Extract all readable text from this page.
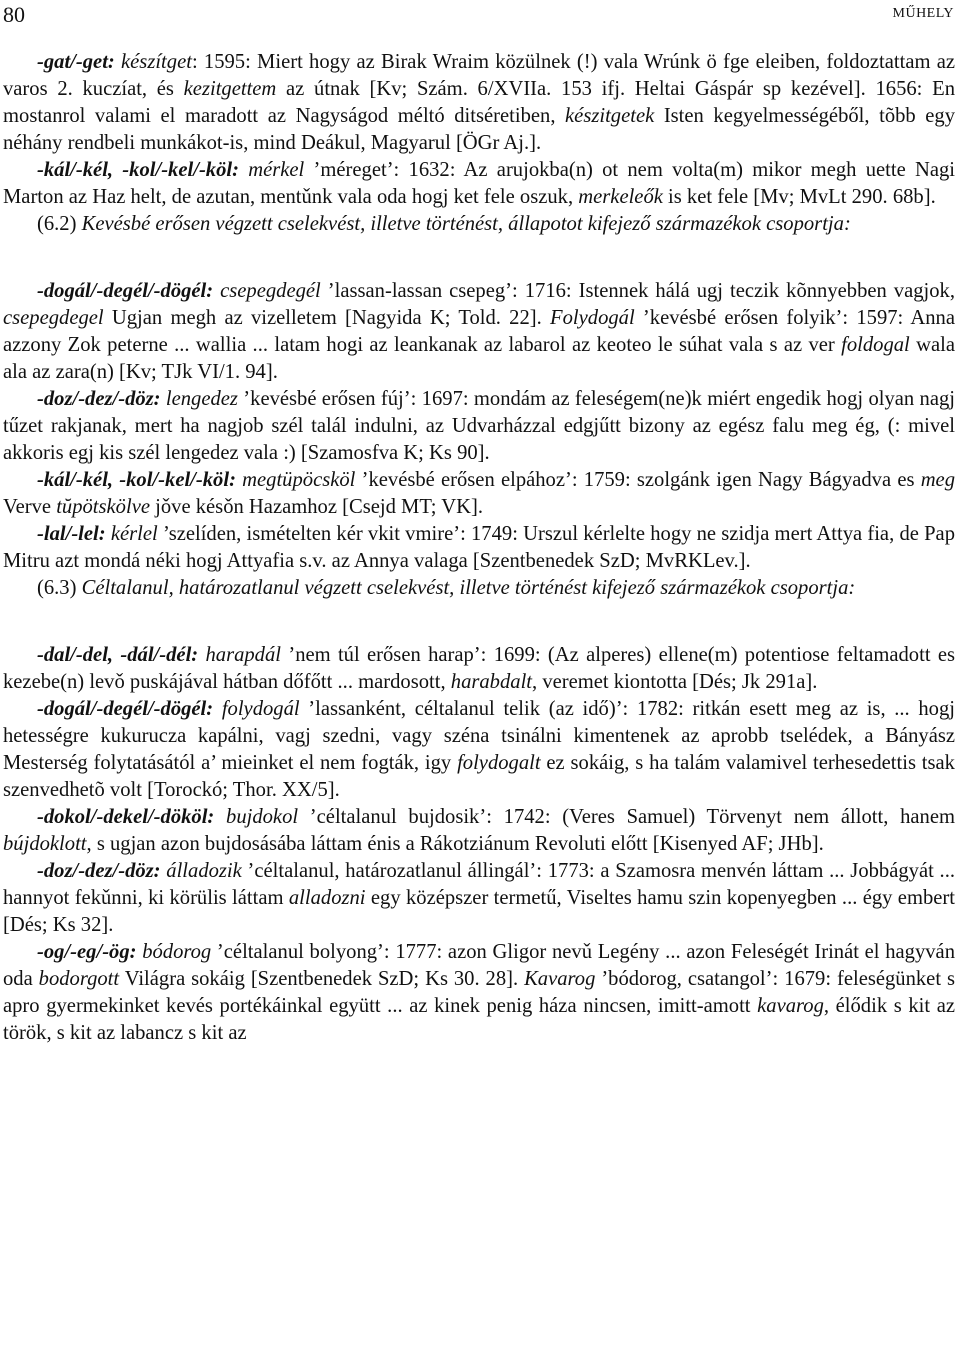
80	MŰHELY

-gat/-get: készítget: 1595: Miert hogy az Birak Wraim közülnek (!) vala Wrúnk ö fge eleiben, foldoztattam az varos 2. kuczíat, és kezitgettem az útnak [Kv; Szám. 6/XVIIa. 153 ifj. Heltai Gáspár sp kezével]. 1656: En mostanrol valami el maradott az Nagyságod méltó ditséretiben, készitgetek Isten kegyelmességéből, tõbb egy néhány rendbeli munkákot-is, mind Deákul, Magyarul [ÖGr Aj.].

-kál/-kél, -kol/-kel/-köl: mérkel ’méreget’: 1632: Az arujokba(n) ot nem volta(m) mikor megh uette Nagi Marton az Haz helt, de azutan, mentǔnk vala oda hogj ket fele oszuk, merkeleők is ket fele [Mv; MvLt 290. 68b].

(6.2) Kevésbé erősen végzett cselekvést, illetve történést, állapotot kifejező származékok csoportja:

-dogál/-degél/-dögél: csepegdegél ’lassan-lassan csepeg’: 1716: Istennek hálá ugj teczik kõnnyebben vagjok, csepegdegel Ugjan megh az vizelletem [Nagyida K; Told. 22]. Folydogál ’kevésbé erősen folyik’: 1597: Anna azzony Zok peterne ... wallia ... latam hogi az leankanak az labarol az keoteo le súhat vala s az ver foldogal wala ala az zara(n) [Kv; TJk VI/1. 94].

-doz/-dez/-döz: lengedez ’kevésbé erősen fúj’: 1697: mondám az feleségem(ne)k miért engedik hogj olyan nagj tűzet rakjanak, mert ha nagjob szél talál indulni, az Udvarházzal edgjűtt bizony az egész falu meg ég, (: mivel akkoris egj kis szél lengedez vala :) [Szamosfva K; Ks 90].

-kál/-kél, -kol/-kel/-köl: megtüpöcsköl ’kevésbé erősen elpához’: 1759: szolgánk igen Nagy Bágyadva es meg Verve tŭpötskölve jǒve késǒn Hazamhoz [Csejd MT; VK].

-lal/-lel: kérlel ’szelíden, ismételten kér vkit vmire’: 1749: Urszul kérlelte hogy ne szidja mert Attya fia, de Pap Mitru azt mondá néki hogj Attyafia s.v. az Annya valaga [Szentbenedek SzD; MvRKLev.].

(6.3) Céltalanul, határozatlanul végzett cselekvést, illetve történést kifejező származékok csoportja:

-dal/-del, -dál/-dél: harapdál ’nem túl erősen harap’: 1699: (Az alperes) ellene(m) potentiose feltamadott es kezebe(n) levǒ puskájával hátban dőfőtt ... mardosott, harabdalt, veremet kiontotta [Dés; Jk 291a].

-dogál/-degél/-dögél: folydogál ’lassanként, céltalanul telik (az idő)’: 1782: ritkán esett meg az is, ... hogj hetességre kukurucza kapálni, vagj szedni, vagy széna tsinálni kimentenek az aprobb tselédek, a Bányász Mesterség folytatásától a’ mieinket el nem fogták, igy folydogalt ez sokáig, s ha talám valamivel terhesedettis tsak szenvedhetõ volt [Torockó; Thor. XX/5].

-dokol/-dekel/-dököl: bujdokol ’céltalanul bujdosik’: 1742: (Veres Samuel) Törvenyt nem állott, hanem búјdoklott, s ugjan azon bujdosásába láttam énis a Rákotziánum Revoluti előtt [Kisenyed AF; JHb].

-doz/-dez/-döz: álladozik ’céltalanul, határozatlanul állingál’: 1773: a Szamosra menvén láttam ... Jobbágyát ... hannyot fekǔnni, ki körülis láttam alladozni egy középszer termetű, Viseltes hamu szin kopenyegben ... égy embert [Dés; Ks 32].

-og/-eg/-ög: bódorog ’céltalanul bolyong’: 1777: azon Gligor nevǔ Legény ... azon Feleségét Irinát el hagyván oda bodorgott Világra sokáig [Szentbenedek SzD; Ks 30. 28]. Kavarog ’bódorog, csatangol’: 1679: feleségünket s apro gyermekinket kevés portékáinkal együtt ... az kinek penig háza nincsen, imitt-amott kavarog, élődik s kit az török, s kit az labancz s kit az
